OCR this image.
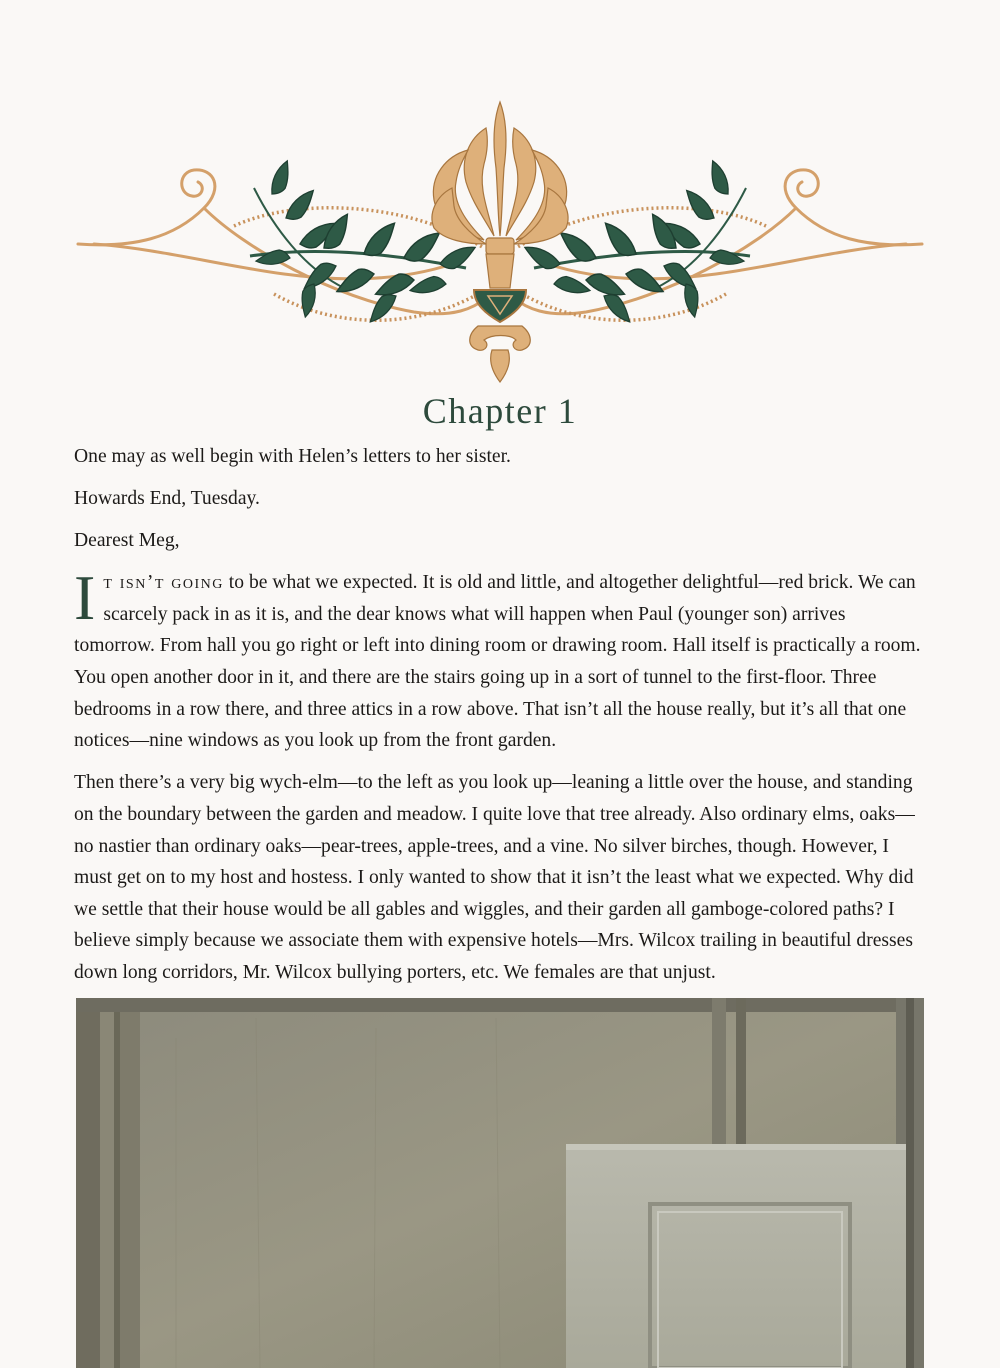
Chapter 1

One may as well begin with Helen’s letters to her sister.

Howards End, Tuesday.

Dearest Meg,

It isn’t going to be what we expected. It is old and little, and altogether delightful—red brick. We can scarcely pack in as it is, and the dear knows what will happen when Paul (younger son) arrives tomorrow. From hall you go right or left into dining room or drawing room. Hall itself is practically a room. You open another door in it, and there are the stairs going up in a sort of tunnel to the first-floor. Three bedrooms in a row there, and three attics in a row above. That isn’t all the house really, but it’s all that one notices—nine windows as you look up from the front garden.

Then there’s a very big wych-elm—to the left as you look up—leaning a little over the house, and standing on the boundary between the garden and meadow. I quite love that tree already. Also ordinary elms, oaks—no nastier than ordinary oaks—pear-trees, apple-trees, and a vine. No silver birches, though. However, I must get on to my host and hostess. I only wanted to show that it isn’t the least what we expected. Why did we settle that their house would be all gables and wiggles, and their garden all gamboge-colored paths? I believe simply because we associate them with expensive hotels—Mrs. Wilcox trailing in beautiful dresses down long corridors, Mr. Wilcox bullying porters, etc. We females are that unjust.
